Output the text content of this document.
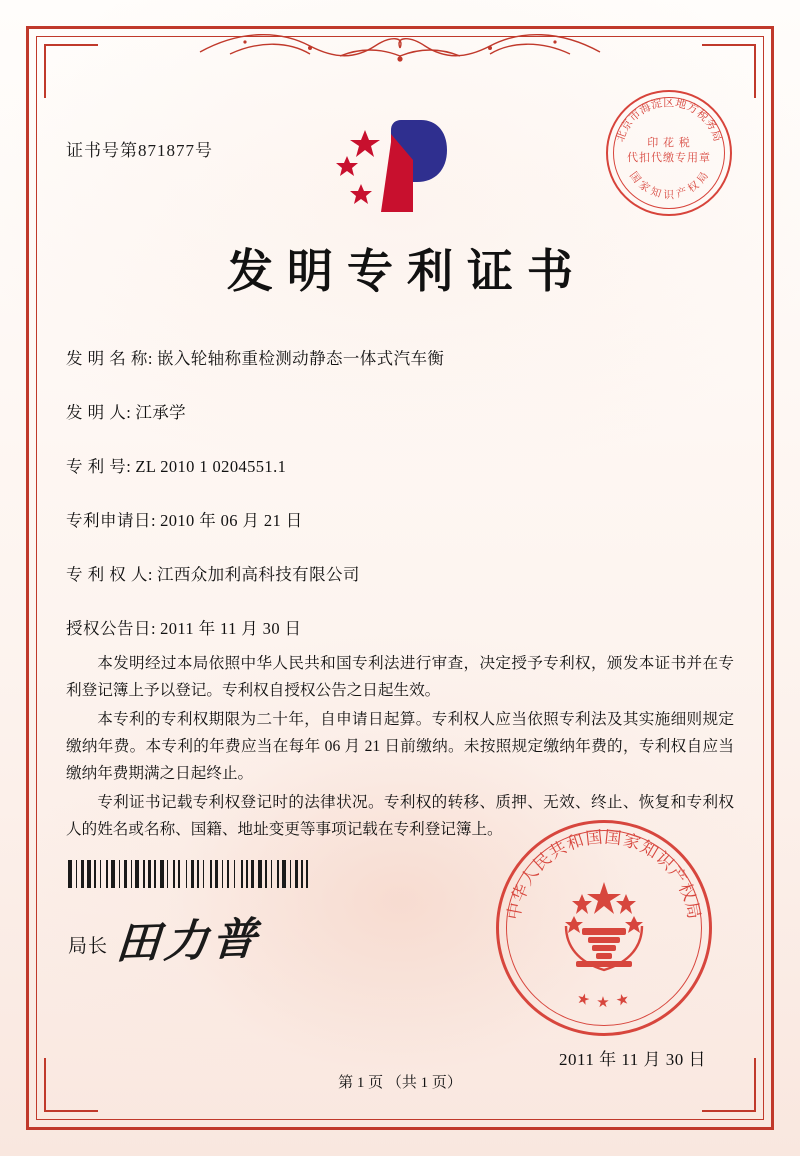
证书号第871877号
北京市海淀区地方税务局
国 家 知 识 产 权 局
印 花 税
代扣代缴专用章
发明专利证书
发 明 名 称: 嵌入轮轴称重检测动静态一体式汽车衡
发 明 人: 江承学
专 利 号: ZL 2010 1 0204551.1
专利申请日: 2010 年 06 月 21 日
专 利 权 人: 江西众加利高科技有限公司
授权公告日: 2011 年 11 月 30 日

本发明经过本局依照中华人民共和国专利法进行审查，决定授予专利权，颁发本证书并在专利登记簿上予以登记。专利权自授权公告之日起生效。

本专利的专利权期限为二十年，自申请日起算。专利权人应当依照专利法及其实施细则规定缴纳年费。本专利的年费应当在每年 06 月 21 日前缴纳。未按照规定缴纳年费的，专利权自应当缴纳年费期满之日起终止。

专利证书记载专利权登记时的法律状况。专利权的转移、质押、无效、终止、恢复和专利权人的姓名或名称、国籍、地址变更等事项记载在专利登记簿上。

局长 田力普
中华人民共和国国家知识产权局
★ ★ ★
2011 年 11 月 30 日
第 1 页 （共 1 页）
